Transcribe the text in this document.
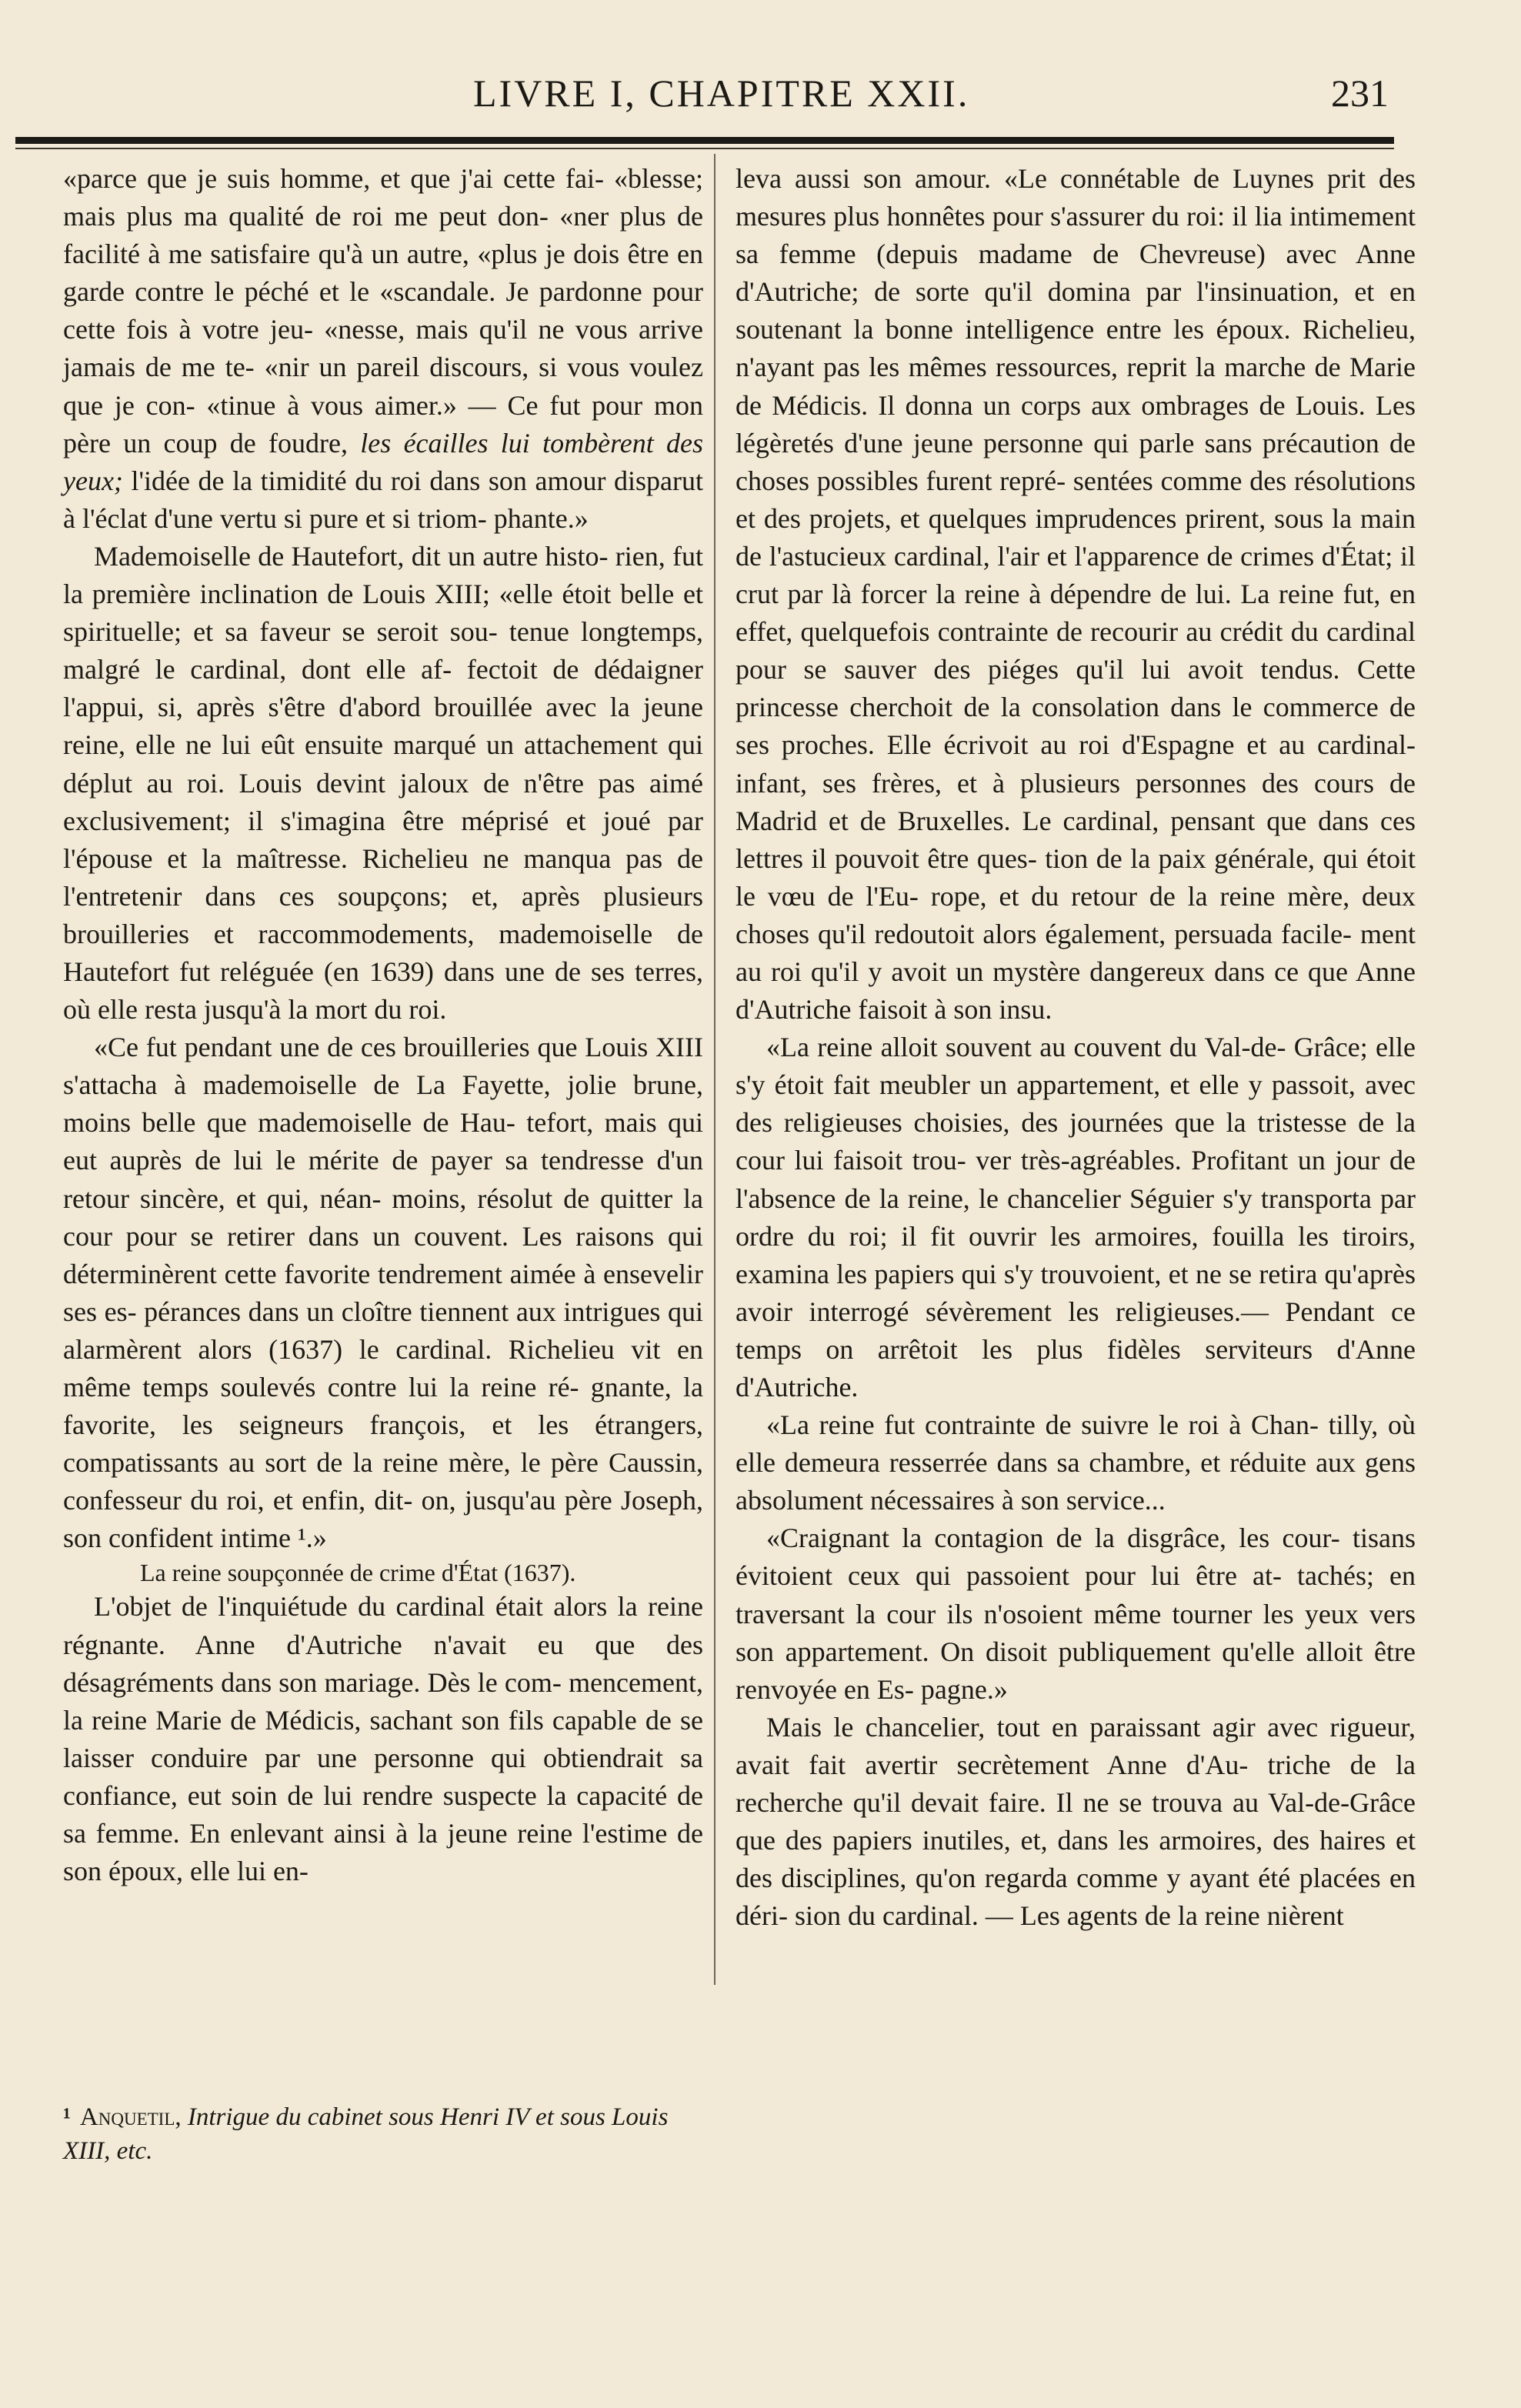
LIVRE I, CHAPITRE XXII.	231

«parce que je suis homme, et que j'ai cette fai- «blesse; mais plus ma qualité de roi me peut don- «ner plus de facilité à me satisfaire qu'à un autre, «plus je dois être en garde contre le péché et le «scandale. Je pardonne pour cette fois à votre jeu- «nesse, mais qu'il ne vous arrive jamais de me te- «nir un pareil discours, si vous voulez que je con- «tinue à vous aimer.» — Ce fut pour mon père un coup de foudre, les écailles lui tombèrent des yeux; l'idée de la timidité du roi dans son amour disparut à l'éclat d'une vertu si pure et si triom- phante.»

Mademoiselle de Hautefort, dit un autre histo- rien, fut la première inclination de Louis XIII; «elle étoit belle et spirituelle; et sa faveur se seroit sou- tenue longtemps, malgré le cardinal, dont elle af- fectoit de dédaigner l'appui, si, après s'être d'abord brouillée avec la jeune reine, elle ne lui eût ensuite marqué un attachement qui déplut au roi. Louis devint jaloux de n'être pas aimé exclusivement; il s'imagina être méprisé et joué par l'épouse et la maîtresse. Richelieu ne manqua pas de l'entretenir dans ces soupçons; et, après plusieurs brouilleries et raccommodements, mademoiselle de Hautefort fut reléguée (en 1639) dans une de ses terres, où elle resta jusqu'à la mort du roi.

«Ce fut pendant une de ces brouilleries que Louis XIII s'attacha à mademoiselle de La Fayette, jolie brune, moins belle que mademoiselle de Hau- tefort, mais qui eut auprès de lui le mérite de payer sa tendresse d'un retour sincère, et qui, néan- moins, résolut de quitter la cour pour se retirer dans un couvent. Les raisons qui déterminèrent cette favorite tendrement aimée à ensevelir ses es- pérances dans un cloître tiennent aux intrigues qui alarmèrent alors (1637) le cardinal. Richelieu vit en même temps soulevés contre lui la reine ré- gnante, la favorite, les seigneurs françois, et les étrangers, compatissants au sort de la reine mère, le père Caussin, confesseur du roi, et enfin, dit- on, jusqu'au père Joseph, son confident intime ¹.»

La reine soupçonnée de crime d'État (1637).

L'objet de l'inquiétude du cardinal était alors la reine régnante. Anne d'Autriche n'avait eu que des désagréments dans son mariage. Dès le com- mencement, la reine Marie de Médicis, sachant son fils capable de se laisser conduire par une personne qui obtiendrait sa confiance, eut soin de lui rendre suspecte la capacité de sa femme. En enlevant ainsi à la jeune reine l'estime de son époux, elle lui en-

¹ Anquetil, Intrigue du cabinet sous Henri IV et sous Louis XIII, etc.

leva aussi son amour. «Le connétable de Luynes prit des mesures plus honnêtes pour s'assurer du roi: il lia intimement sa femme (depuis madame de Chevreuse) avec Anne d'Autriche; de sorte qu'il domina par l'insinuation, et en soutenant la bonne intelligence entre les époux. Richelieu, n'ayant pas les mêmes ressources, reprit la marche de Marie de Médicis. Il donna un corps aux ombrages de Louis. Les légèretés d'une jeune personne qui parle sans précaution de choses possibles furent repré- sentées comme des résolutions et des projets, et quelques imprudences prirent, sous la main de l'astucieux cardinal, l'air et l'apparence de crimes d'État; il crut par là forcer la reine à dépendre de lui. La reine fut, en effet, quelquefois contrainte de recourir au crédit du cardinal pour se sauver des piéges qu'il lui avoit tendus. Cette princesse cherchoit de la consolation dans le commerce de ses proches. Elle écrivoit au roi d'Espagne et au cardinal-infant, ses frères, et à plusieurs personnes des cours de Madrid et de Bruxelles. Le cardinal, pensant que dans ces lettres il pouvoit être ques- tion de la paix générale, qui étoit le vœu de l'Eu- rope, et du retour de la reine mère, deux choses qu'il redoutoit alors également, persuada facile- ment au roi qu'il y avoit un mystère dangereux dans ce que Anne d'Autriche faisoit à son insu.

«La reine alloit souvent au couvent du Val-de- Grâce; elle s'y étoit fait meubler un appartement, et elle y passoit, avec des religieuses choisies, des journées que la tristesse de la cour lui faisoit trou- ver très-agréables. Profitant un jour de l'absence de la reine, le chancelier Séguier s'y transporta par ordre du roi; il fit ouvrir les armoires, fouilla les tiroirs, examina les papiers qui s'y trouvoient, et ne se retira qu'après avoir interrogé sévèrement les religieuses.— Pendant ce temps on arrêtoit les plus fidèles serviteurs d'Anne d'Autriche.

«La reine fut contrainte de suivre le roi à Chan- tilly, où elle demeura resserrée dans sa chambre, et réduite aux gens absolument nécessaires à son service...

«Craignant la contagion de la disgrâce, les cour- tisans évitoient ceux qui passoient pour lui être at- tachés; en traversant la cour ils n'osoient même tourner les yeux vers son appartement. On disoit publiquement qu'elle alloit être renvoyée en Es- pagne.»

Mais le chancelier, tout en paraissant agir avec rigueur, avait fait avertir secrètement Anne d'Au- triche de la recherche qu'il devait faire. Il ne se trouva au Val-de-Grâce que des papiers inutiles, et, dans les armoires, des haires et des disciplines, qu'on regarda comme y ayant été placées en déri- sion du cardinal. — Les agents de la reine nièrent
